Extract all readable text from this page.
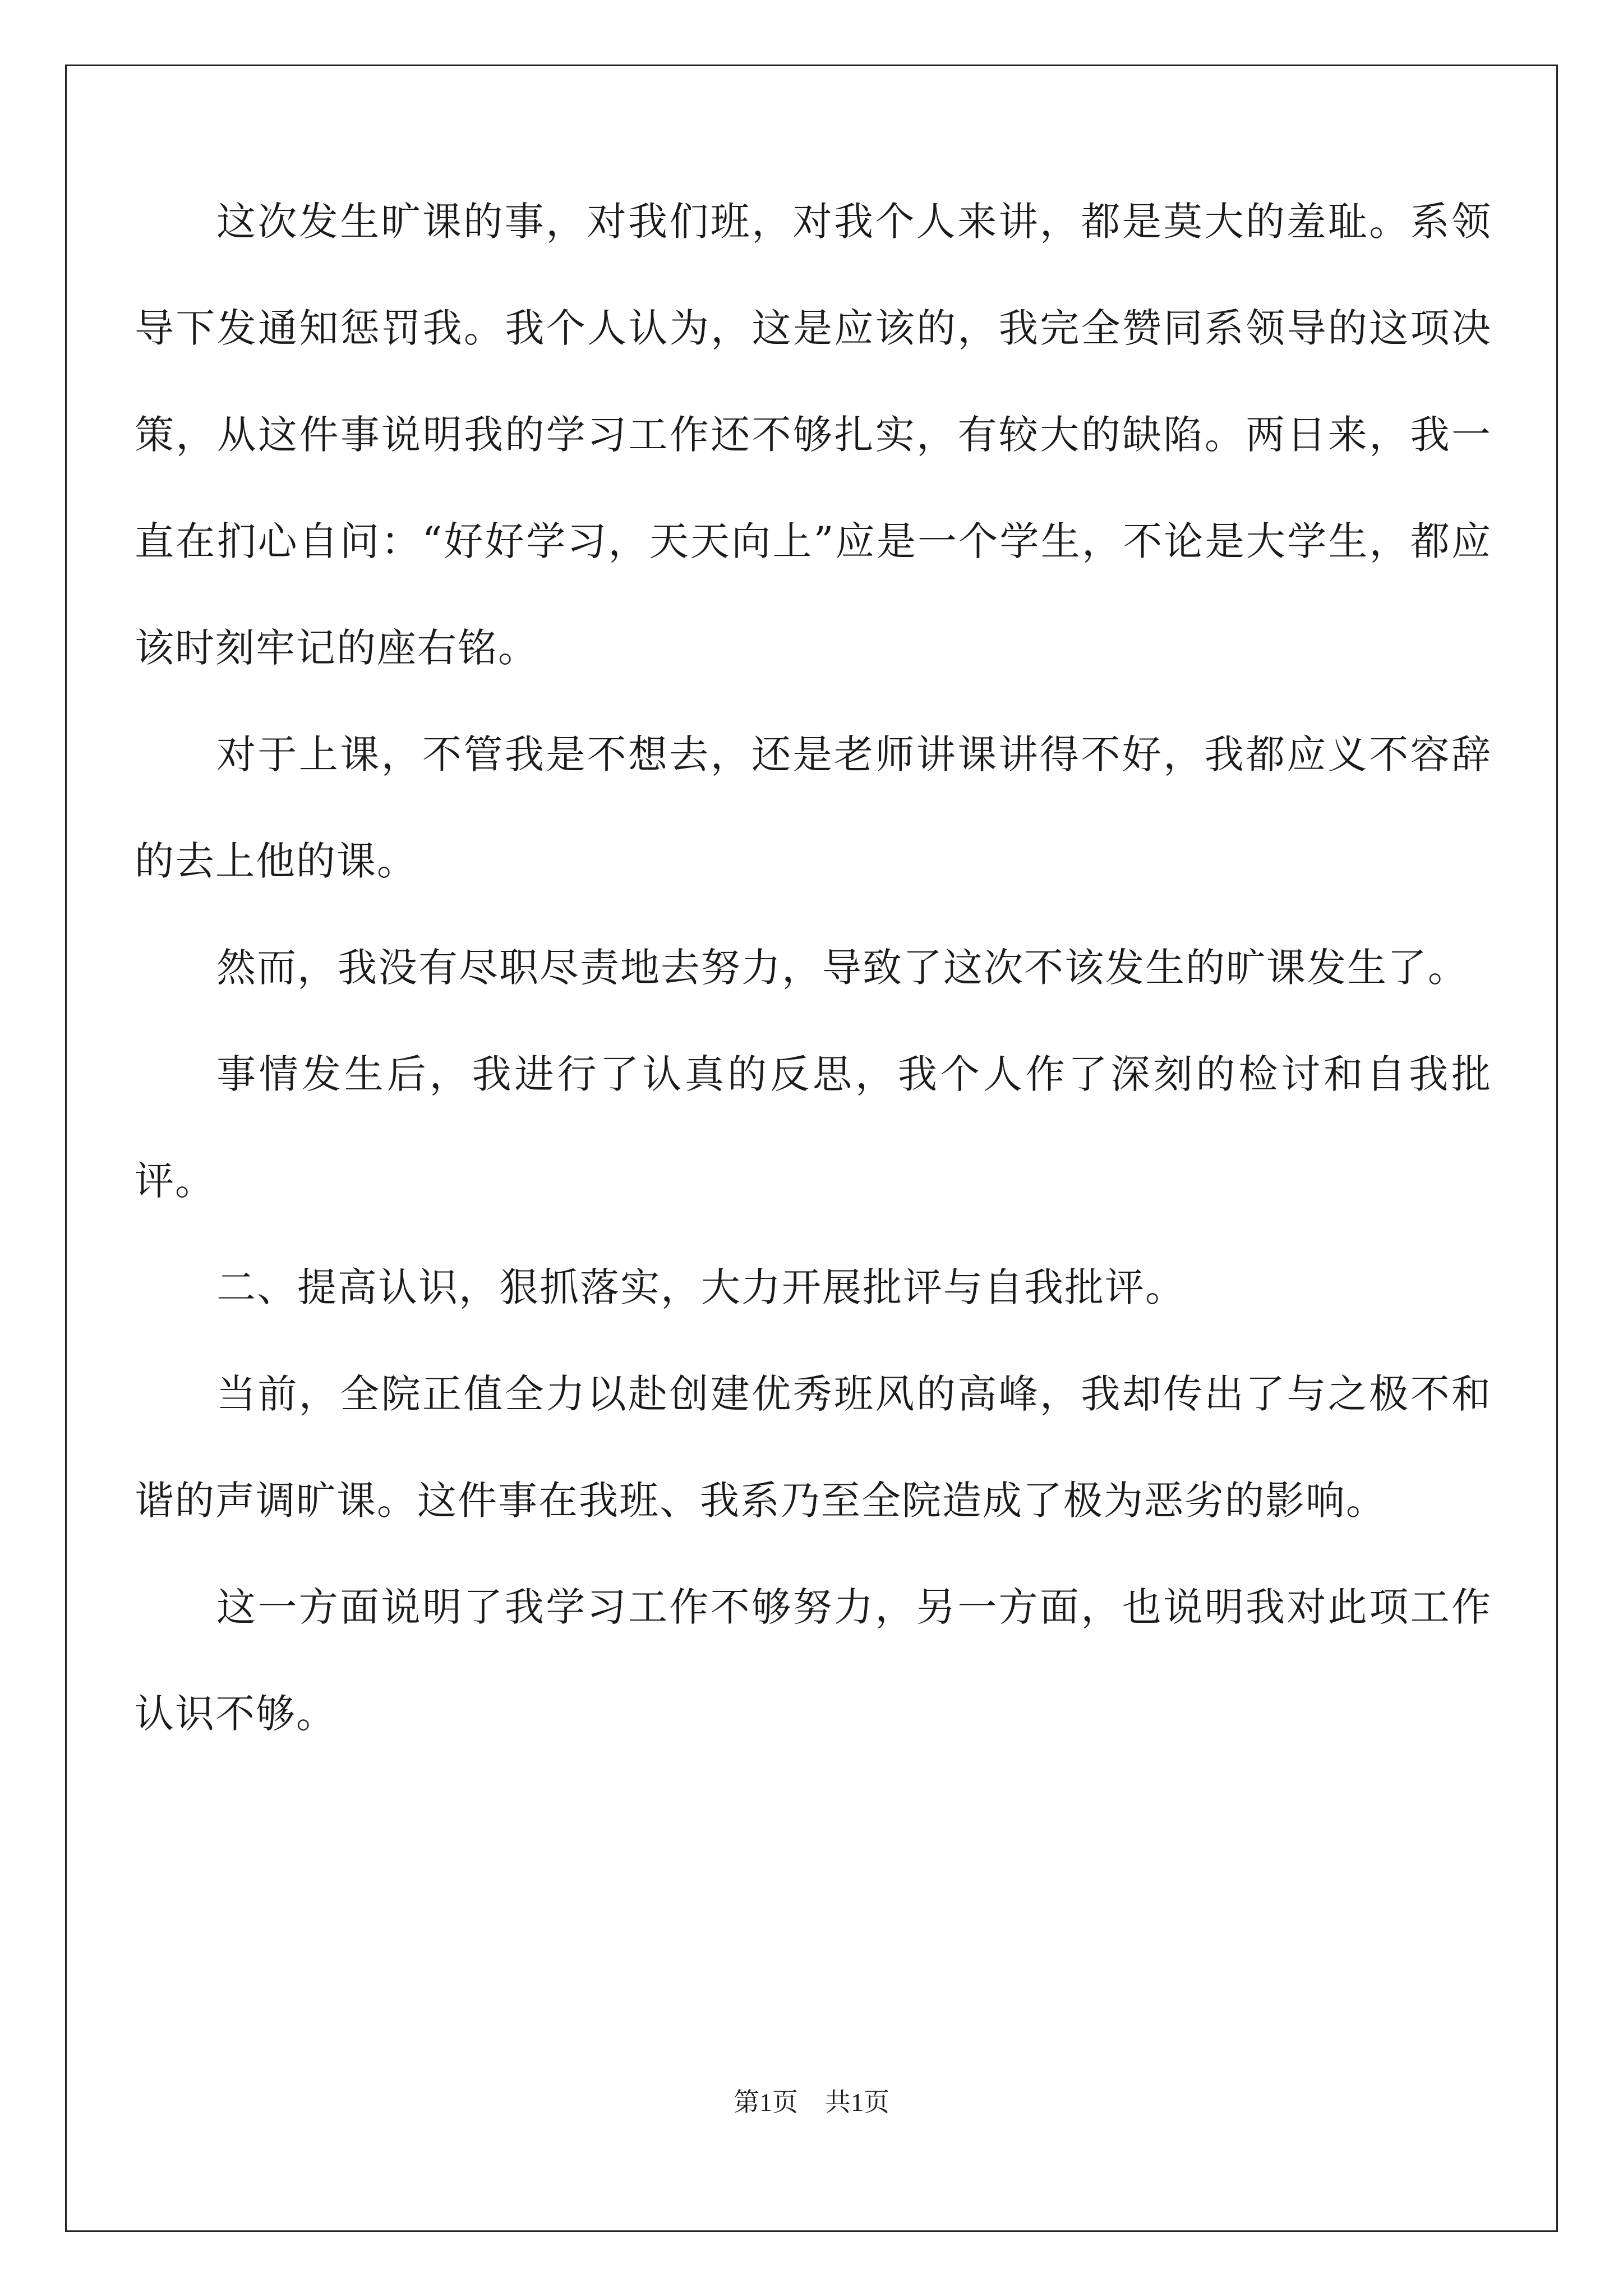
这次发生旷课的事，对我们班，对我个人来讲，都是莫大的羞耻。系领导下发通知惩罚我。我个人认为，这是应该的，我完全赞同系领导的这项决策，从这件事说明我的学习工作还不够扎实，有较大的缺陷。两日来，我一直在扪心自问：“好好学习，天天向上”应是一个学生，不论是大学生，都应该时刻牢记的座右铭。

对于上课，不管我是不想去，还是老师讲课讲得不好，我都应义不容辞的去上他的课。

然而，我没有尽职尽责地去努力，导致了这次不该发生的旷课发生了。

事情发生后，我进行了认真的反思，我个人作了深刻的检讨和自我批评。

二、提高认识，狠抓落实，大力开展批评与自我批评。

当前，全院正值全力以赴创建优秀班风的高峰，我却传出了与之极不和谐的声调旷课。这件事在我班、我系乃至全院造成了极为恶劣的影响。

这一方面说明了我学习工作不够努力，另一方面，也说明我对此项工作认识不够。

第1页 共1页
